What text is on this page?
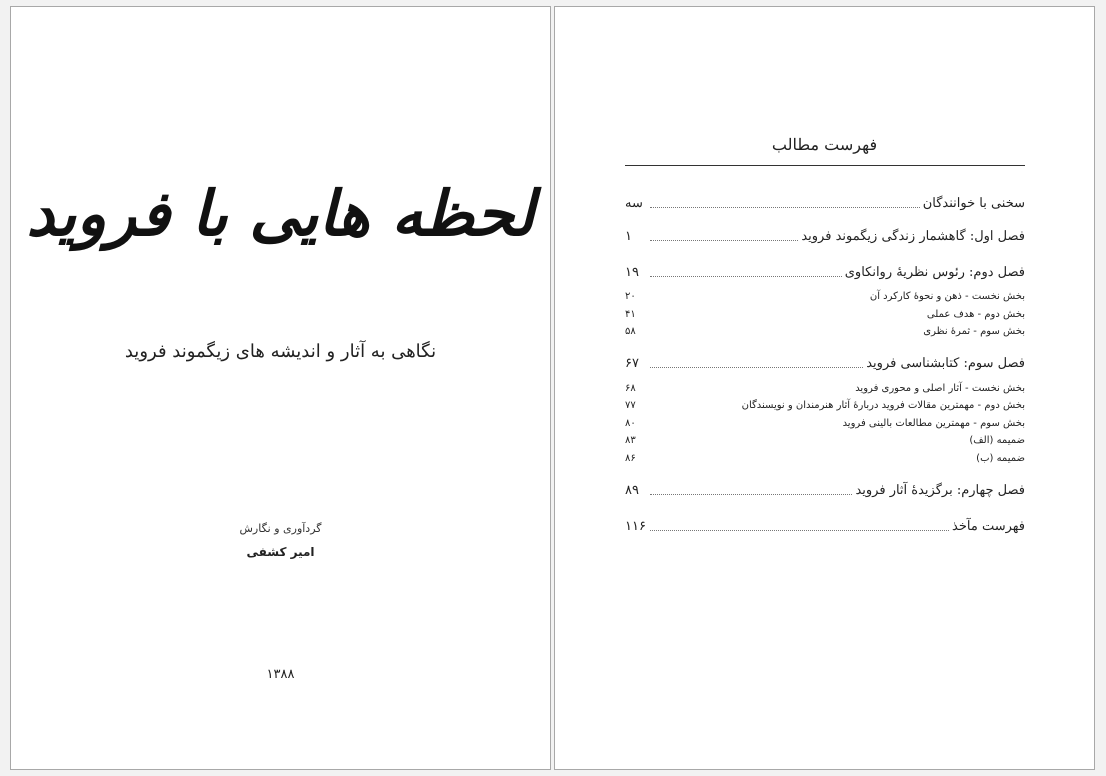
لحظه هایی با فروید
نگاهی به آثار و اندیشه های زیگموند فروید
گردآوری و نگارش
امیر کشفی
۱۳۸۸
فهرست مطالب
سخنی با خوانندگان
سه
فصل اول: گاهشمار زندگی زیگموند فروید
۱
فصل دوم: رئوس نظریهٔ روانکاوی
۱۹
بخش نخست - ذهن و نحوهٔ کارکرد آن
۲۰
بخش دوم - هدف عملی
۴۱
بخش سوم - ثمرهٔ نظری
۵۸
فصل سوم: کتابشناسی فروید
۶۷
بخش نخست - آثار اصلی و محوری فروید
۶۸
بخش دوم - مهمترین مقالات فروید دربارهٔ آثار هنرمندان و نویسندگان
۷۷
بخش سوم - مهمترین مطالعات بالینی فروید
۸۰
ضمیمه (الف)
۸۳
ضمیمه (ب)
۸۶
فصل چهارم: برگزیدهٔ آثار فروید
۸۹
فهرست مآخذ
۱۱۶
